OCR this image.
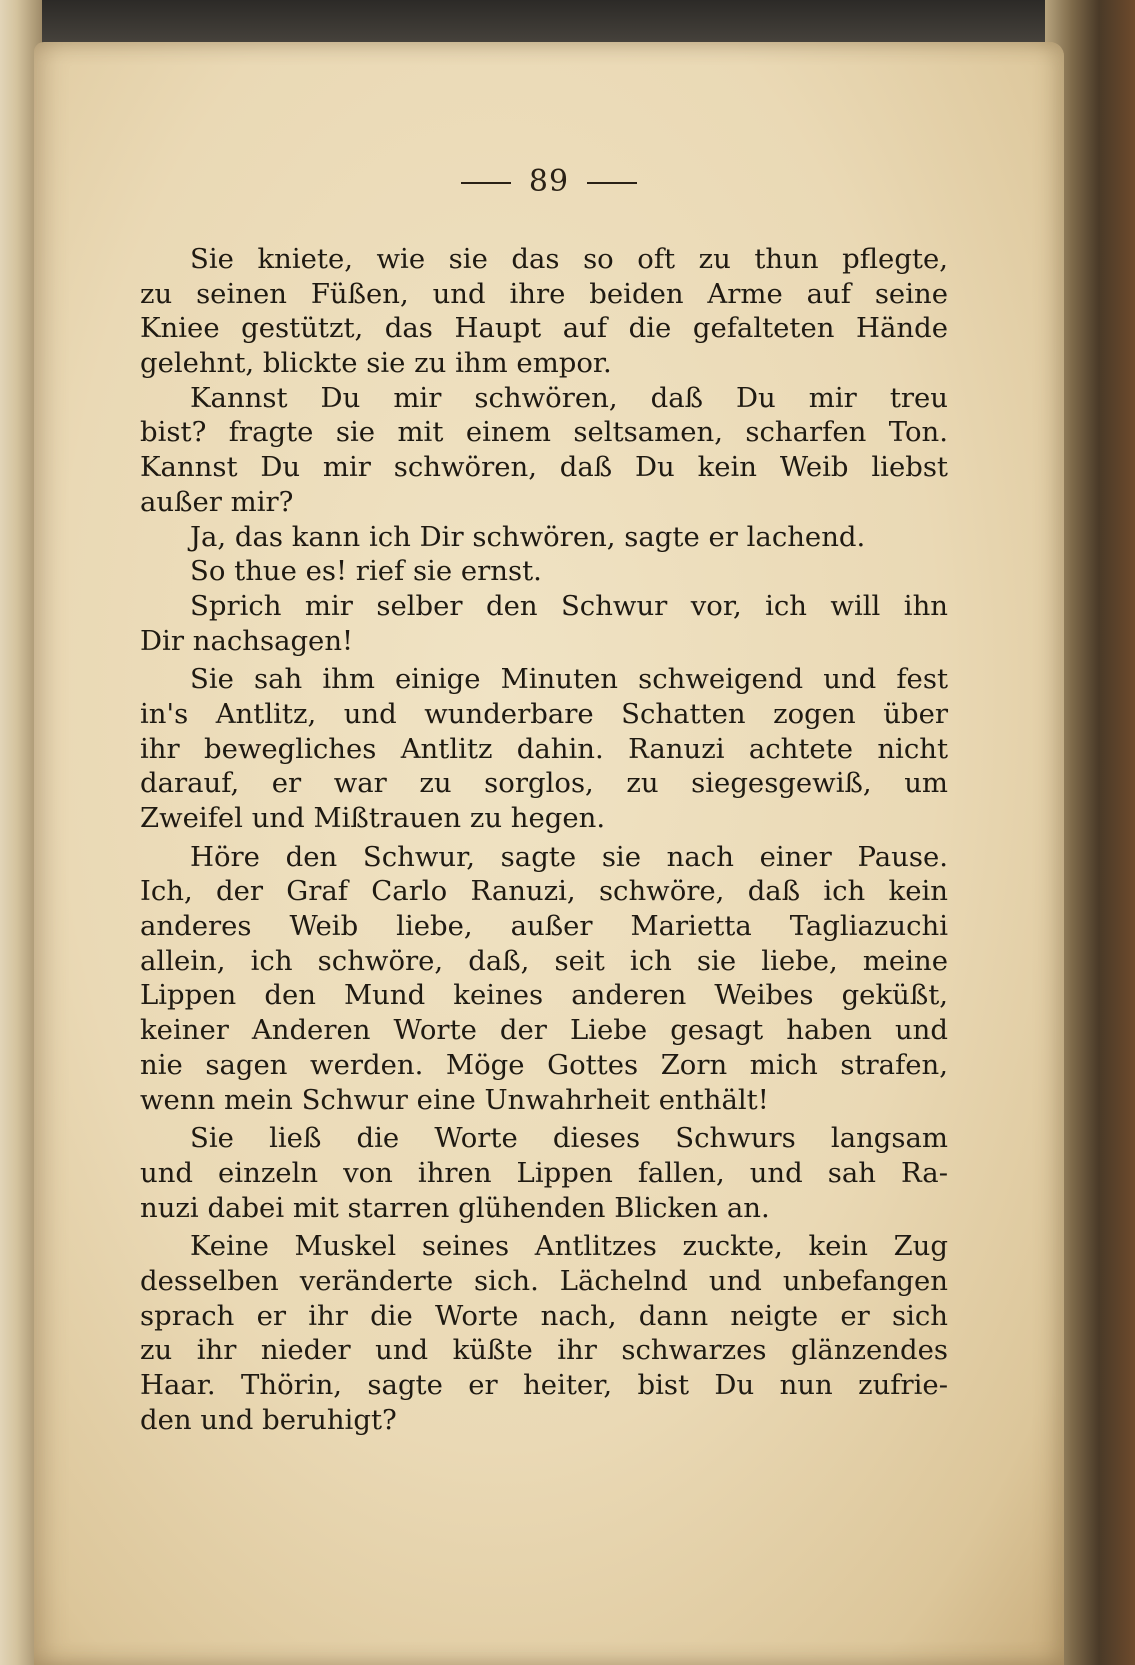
89
Sie kniete, wie sie das so oft zu thun pflegte,
zu seinen Füßen, und ihre beiden Arme auf seine
Kniee gestützt, das Haupt auf die gefalteten Hände
gelehnt, blickte sie zu ihm empor.
Kannst Du mir schwören, daß Du mir treu
bist? fragte sie mit einem seltsamen, scharfen Ton.
Kannst Du mir schwören, daß Du kein Weib liebst
außer mir?
Ja, das kann ich Dir schwören, sagte er lachend.
So thue es! rief sie ernst.
Sprich mir selber den Schwur vor, ich will ihn
Dir nachsagen!
Sie sah ihm einige Minuten schweigend und fest
in's Antlitz, und wunderbare Schatten zogen über
ihr bewegliches Antlitz dahin. Ranuzi achtete nicht
darauf, er war zu sorglos, zu siegesgewiß, um
Zweifel und Mißtrauen zu hegen.
Höre den Schwur, sagte sie nach einer Pause.
Ich, der Graf Carlo Ranuzi, schwöre, daß ich kein
anderes Weib liebe, außer Marietta Tagliazuchi
allein, ich schwöre, daß, seit ich sie liebe, meine
Lippen den Mund keines anderen Weibes geküßt,
keiner Anderen Worte der Liebe gesagt haben und
nie sagen werden. Möge Gottes Zorn mich strafen,
wenn mein Schwur eine Unwahrheit enthält!
Sie ließ die Worte dieses Schwurs langsam
und einzeln von ihren Lippen fallen, und sah Ra-
nuzi dabei mit starren glühenden Blicken an.
Keine Muskel seines Antlitzes zuckte, kein Zug
desselben veränderte sich. Lächelnd und unbefangen
sprach er ihr die Worte nach, dann neigte er sich
zu ihr nieder und küßte ihr schwarzes glänzendes
Haar. Thörin, sagte er heiter, bist Du nun zufrie-
den und beruhigt?
